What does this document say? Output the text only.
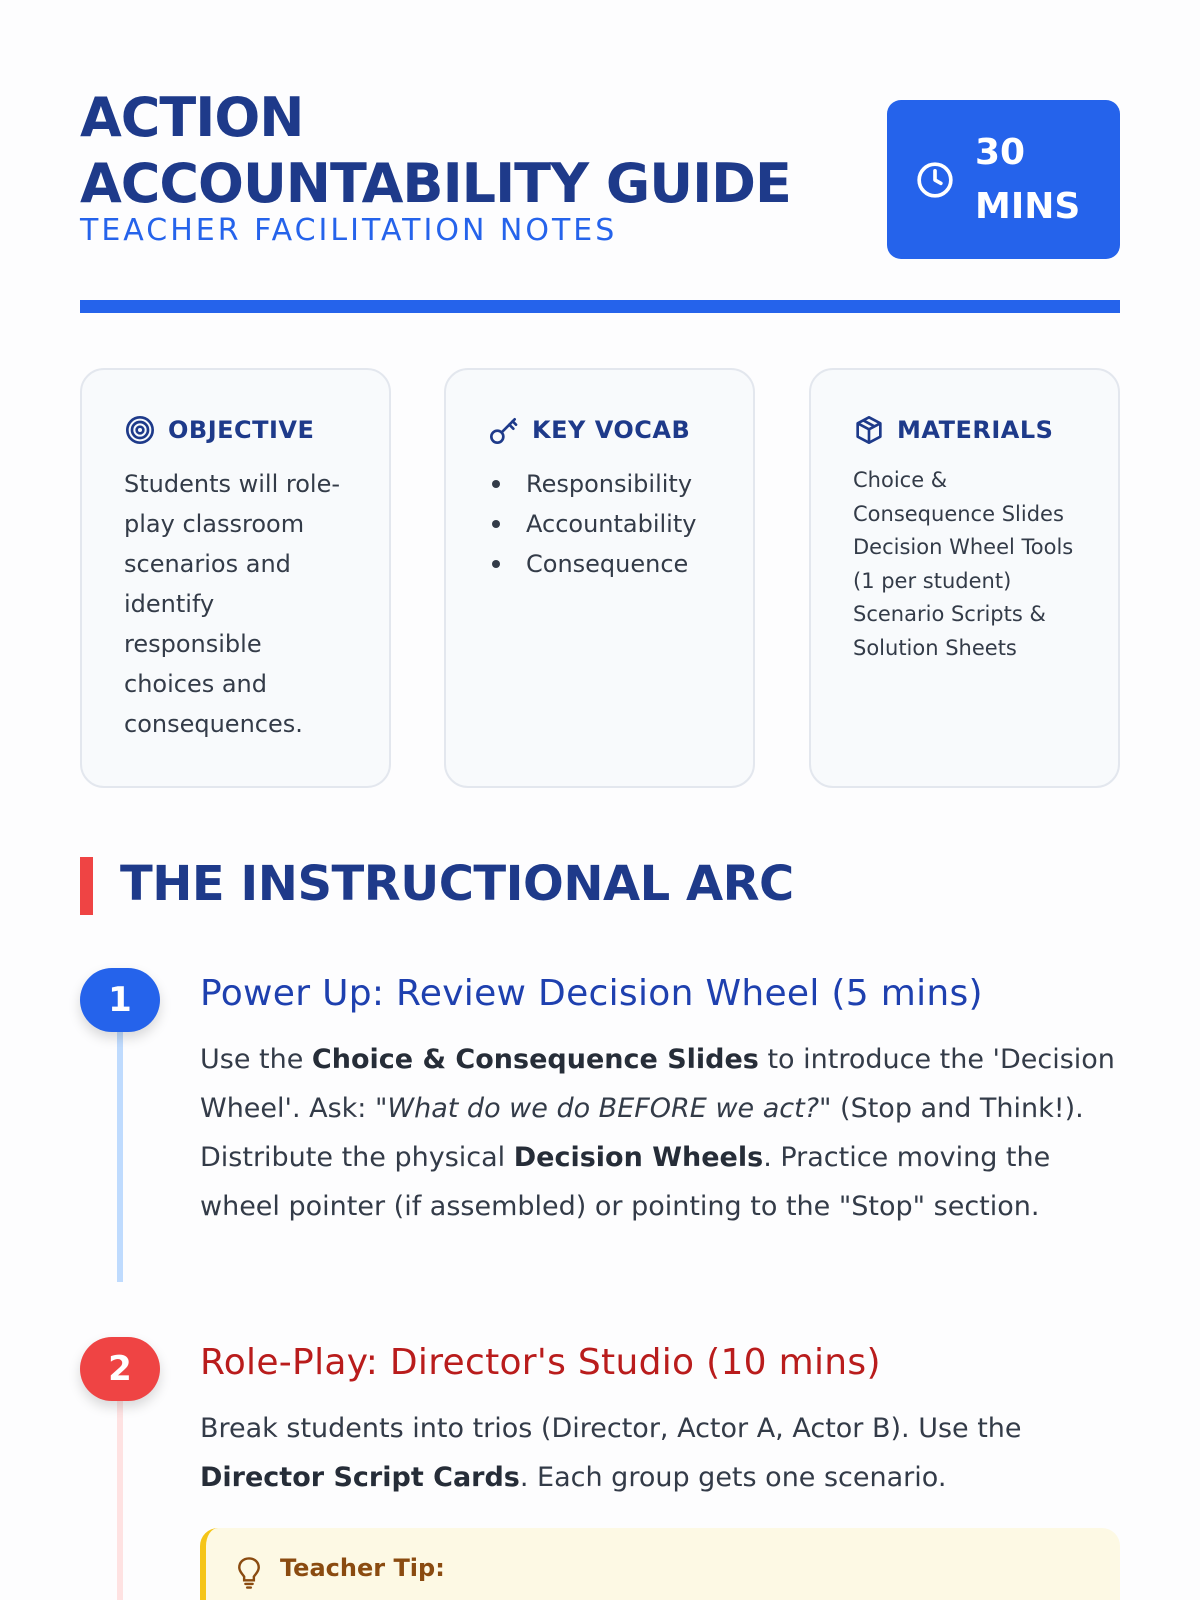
ACTION
ACCOUNTABILITY GUIDE
TEACHER FACILITATION NOTES
30
MINS
OBJECTIVE
Students will role-play classroom scenarios and identify responsible choices and consequences.
KEY VOCAB
Responsibility
Accountability
Consequence
MATERIALS
Choice & Consequence Slides
Decision Wheel Tools (1 per student)
Scenario Scripts & Solution Sheets
THE INSTRUCTIONAL ARC
1	Power Up: Review Decision Wheel (5 mins)
Use the Choice & Consequence Slides to introduce the 'Decision Wheel'. Ask: "What do we do BEFORE we act?" (Stop and Think!). Distribute the physical Decision Wheels. Practice moving the wheel pointer (if assembled) or pointing to the "Stop" section.
2	Role-Play: Director's Studio (10 mins)
Break students into trios (Director, Actor A, Actor B). Use the Director Script Cards. Each group gets one scenario.
Teacher Tip:
